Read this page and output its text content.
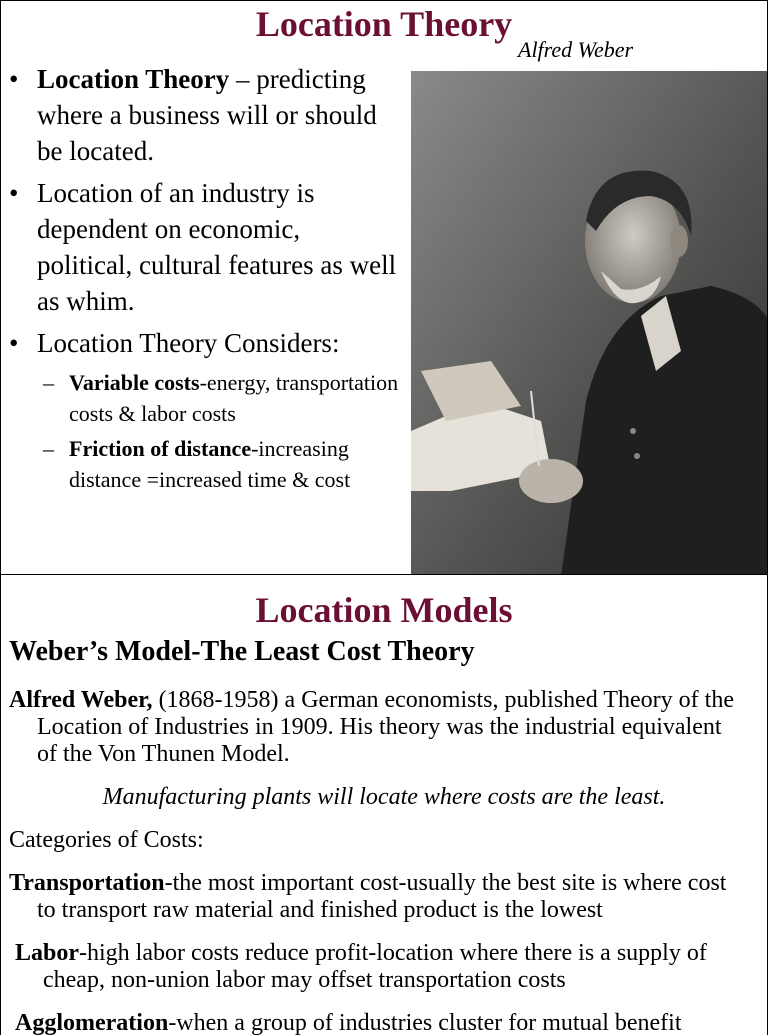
Location Theory
Alfred Weber
• Location Theory – predicting where a business will or should be located.
• Location of an industry is dependent on economic, political, cultural features as well as whim.
• Location Theory Considers:
– Variable costs-energy, transportation costs & labor costs
– Friction of distance-increasing distance =increased time & cost
Location Models
Weber’s Model-The Least Cost Theory
Alfred Weber, (1868-1958) a German economists, published Theory of the Location of Industries in 1909. His theory was the industrial equivalent of the Von Thunen Model.
Manufacturing plants will locate where costs are the least.
Categories of Costs:
Transportation-the most important cost-usually the best site is where cost to transport raw material and finished product is the lowest
Labor-high labor costs reduce profit-location where there is a supply of cheap, non-union labor may offset transportation costs
Agglomeration-when a group of industries cluster for mutual benefit
